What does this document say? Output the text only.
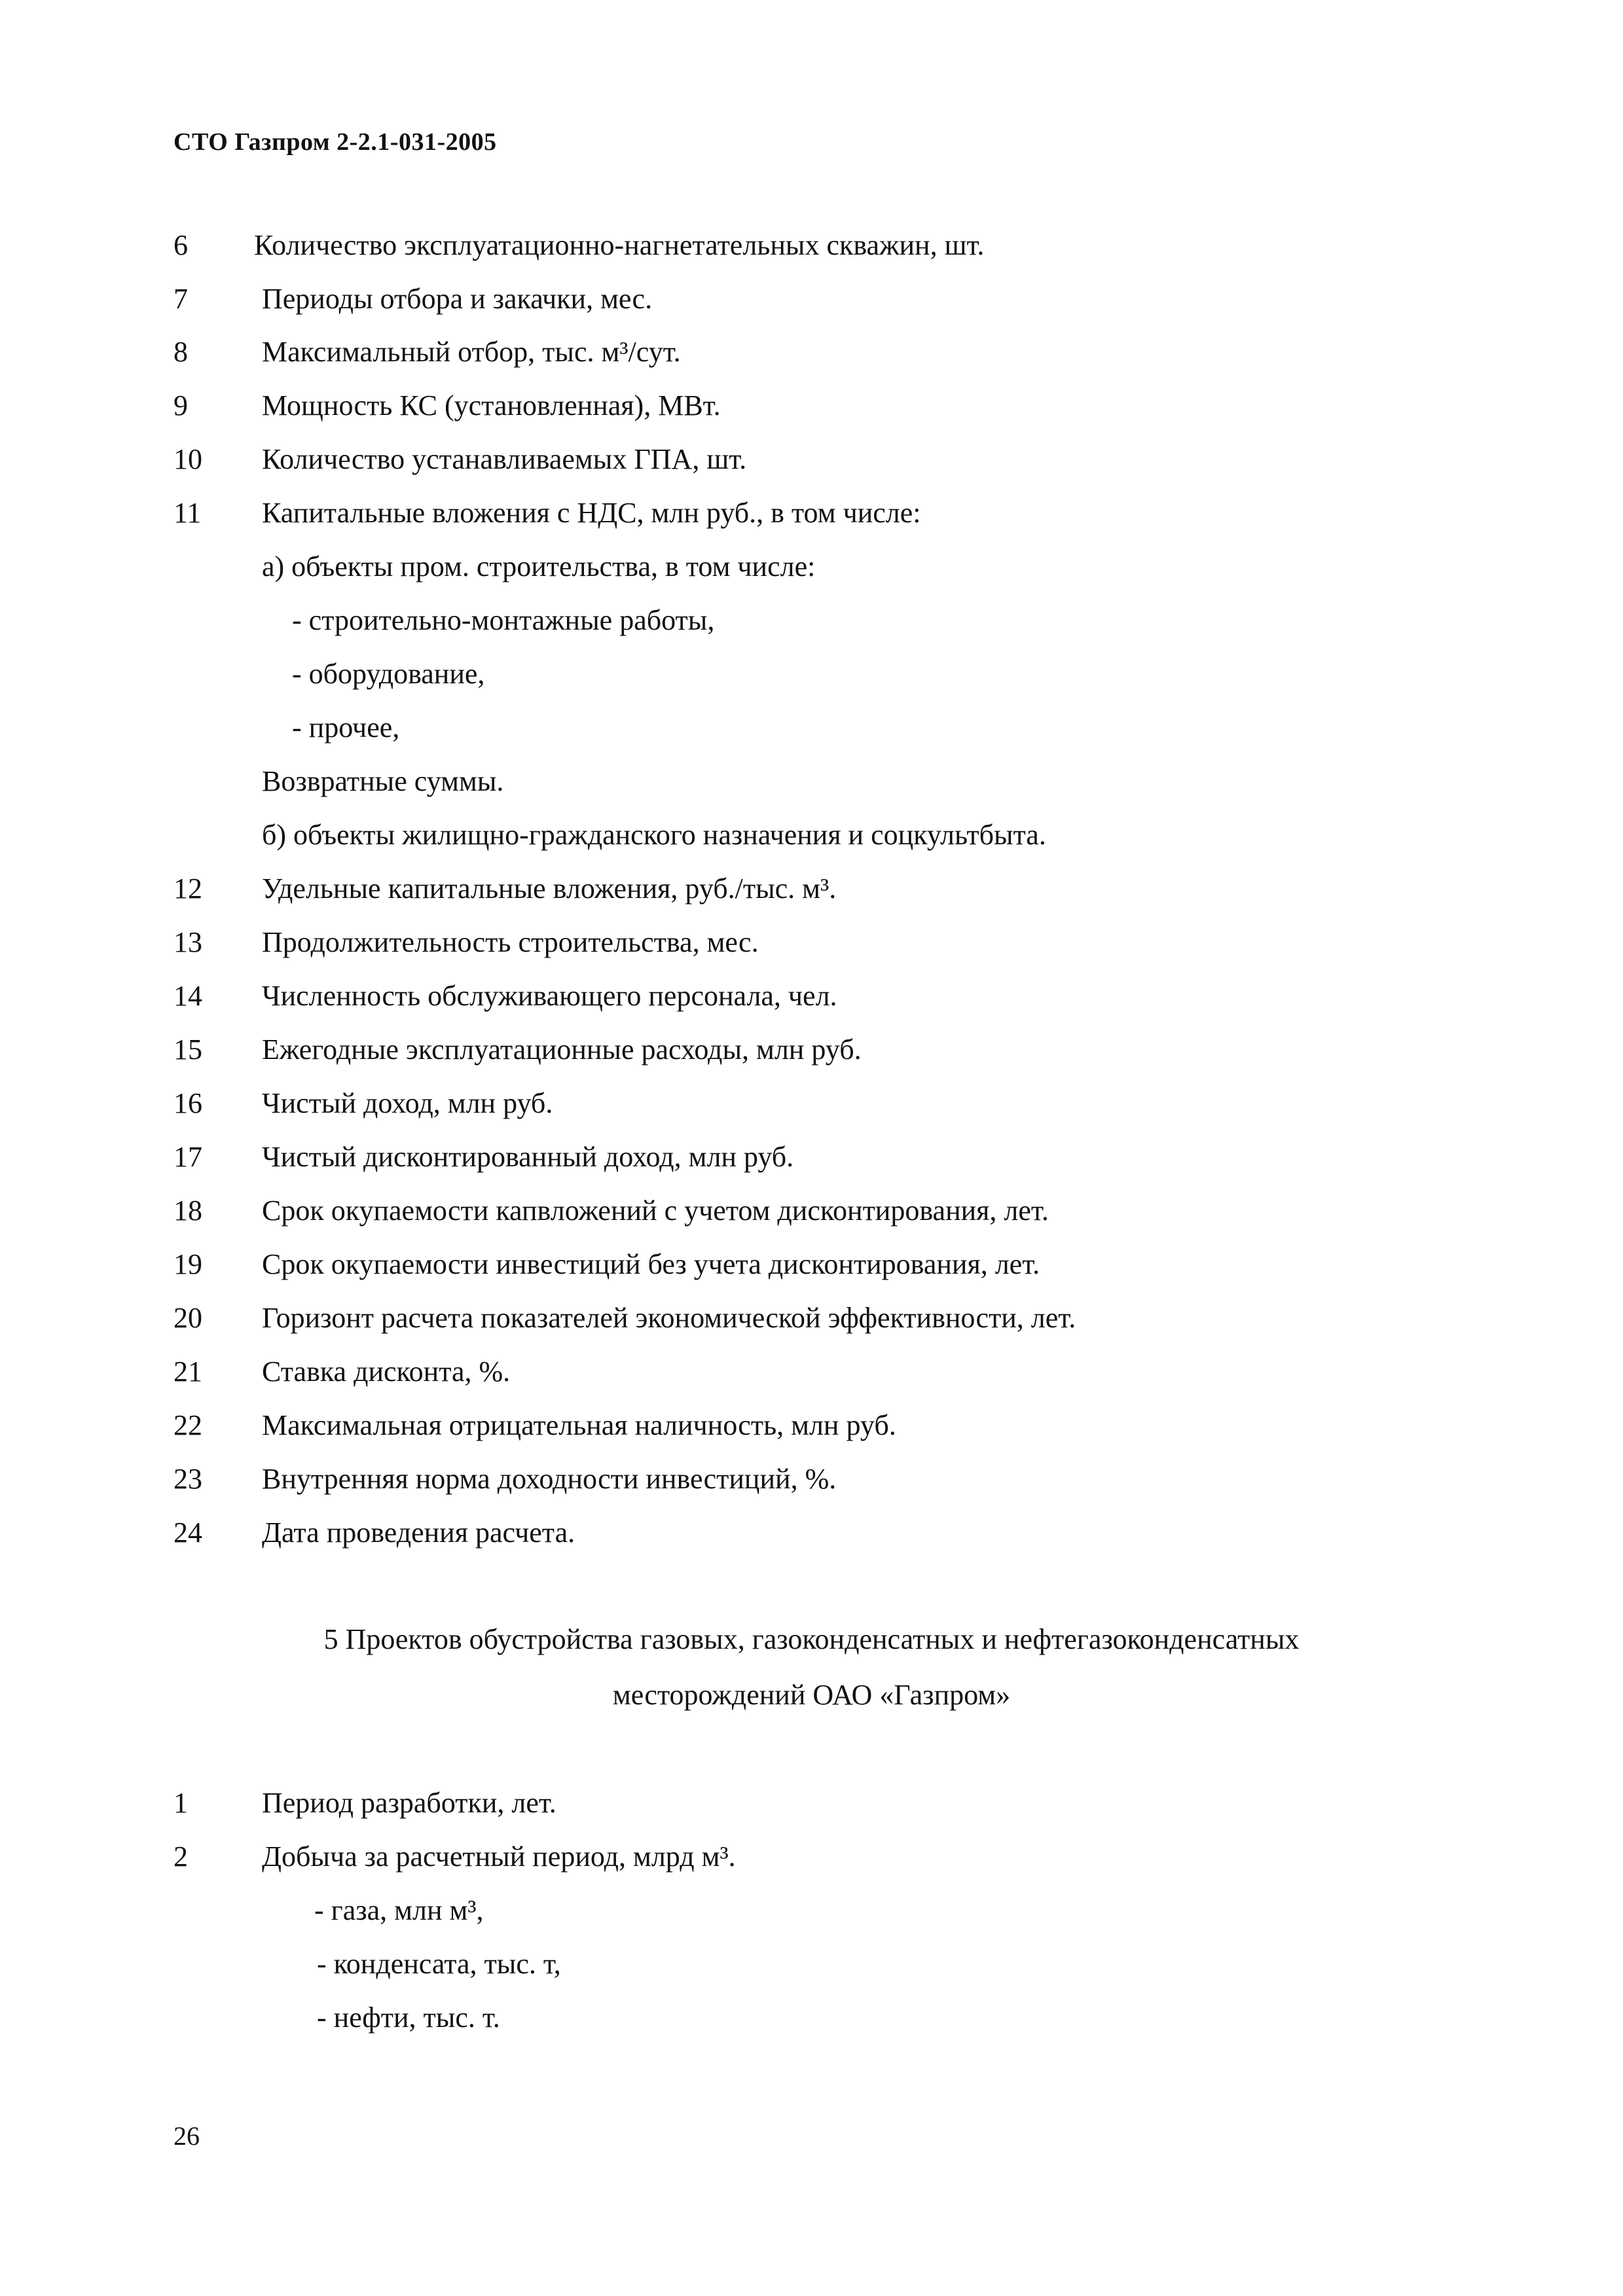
СТО Газпром 2-2.1-031-2005
6 Количество эксплуатационно-нагнетательных скважин, шт.
7	Периоды отбора и закачки, мес.
8	Максимальный отбор, тыс. м³/сут.
9	Мощность КС (установленная), МВт.
10 Количество устанавливаемых ГПА, шт.
11 Капитальные вложения с НДС, млн руб., в том числе:
а) объекты пром. строительства, в том числе:
- строительно-монтажные работы,
- оборудование,
- прочее,
Возвратные суммы.
б) объекты жилищно-гражданского назначения и соцкультбыта.
12 Удельные капитальные вложения, руб./тыс. м³.
13 Продолжительность строительства, мес.
14 Численность обслуживающего персонала, чел.
15 Ежегодные эксплуатационные расходы, млн руб.
16 Чистый доход, млн руб.
17 Чистый дисконтированный доход, млн руб.
18 Срок окупаемости капвложений с учетом дисконтирования, лет.
19 Срок окупаемости инвестиций без учета дисконтирования, лет.
20 Горизонт расчета показателей экономической эффективности, лет.
21 Ставка дисконта, %.
22 Максимальная отрицательная наличность, млн руб.
23 Внутренняя норма доходности инвестиций, %.
24 Дата проведения расчета.
5 Проектов обустройства газовых, газоконденсатных и нефтегазоконденсатных
месторождений ОАО «Газпром»
1	Период разработки, лет.
2	Добыча за расчетный период, млрд м³.
- газа, млн м³,
- конденсата, тыс. т,
- нефти, тыс. т.
26
